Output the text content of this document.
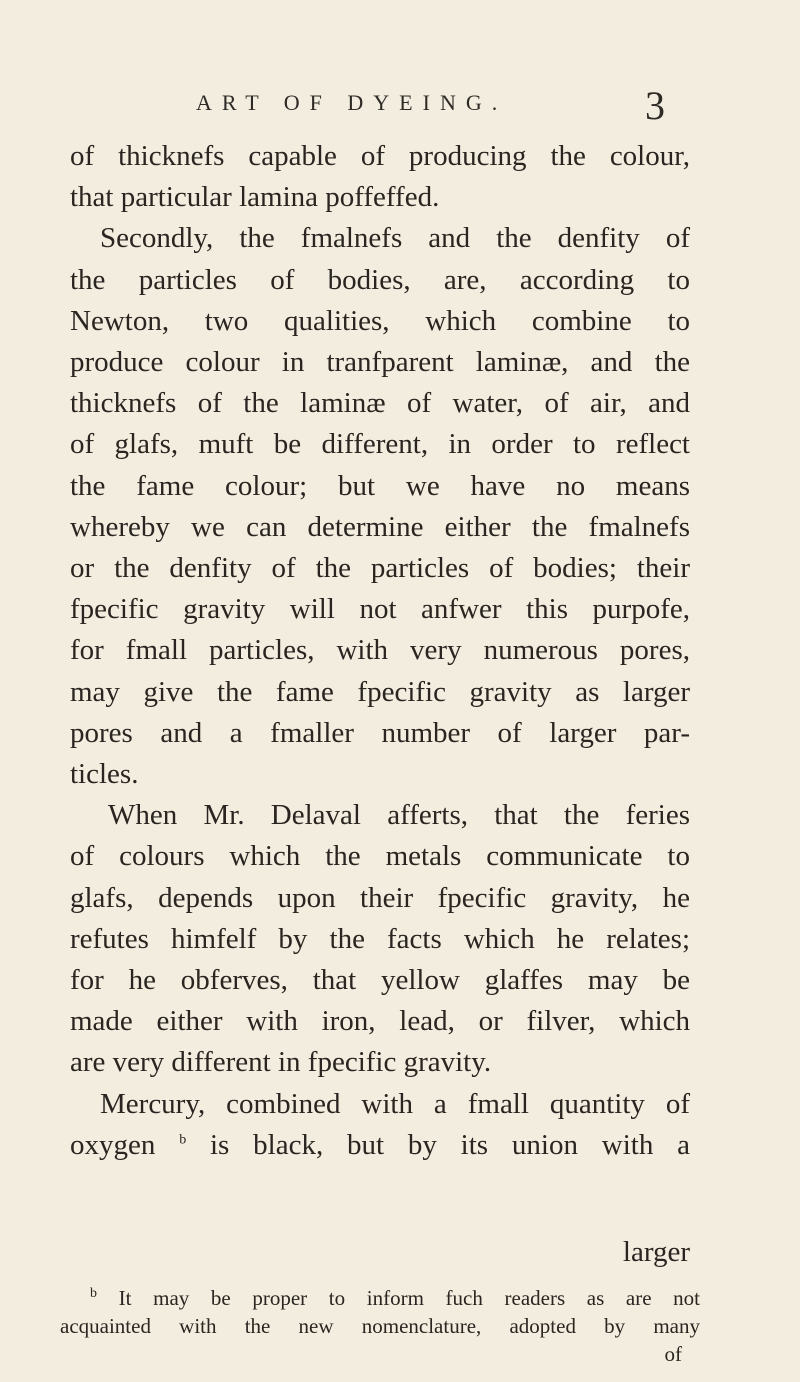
ART OF DYEING.	3

of thicknefs capable of producing the colour,

that particular lamina poffeffed.

Secondly, the fmalnefs and the denfity of

the particles of bodies, are, according to

Newton, two qualities, which combine to

produce colour in tranfparent laminæ, and the

thicknefs of the laminæ of water, of air, and

of glafs, muft be different, in order to reflect

the fame colour; but we have no means

whereby we can determine either the fmalnefs

or the denfity of the particles of bodies; their

fpecific gravity will not anfwer this purpofe,

for fmall particles, with very numerous pores,

may give the fame fpecific gravity as larger

pores and a fmaller number of larger par-

ticles.

When Mr. Delaval afferts, that the feries

of colours which the metals communicate to

glafs, depends upon their fpecific gravity, he

refutes himfelf by the facts which he relates;

for he obferves, that yellow glaffes may be

made either with iron, lead, or filver, which

are very different in fpecific gravity.

Mercury, combined with a fmall quantity of

oxygen $^b$ is black, but by its union with a

larger

$^b$ It may be proper to inform fuch readers as are not

acquainted with the new nomenclature, adopted by many

of
